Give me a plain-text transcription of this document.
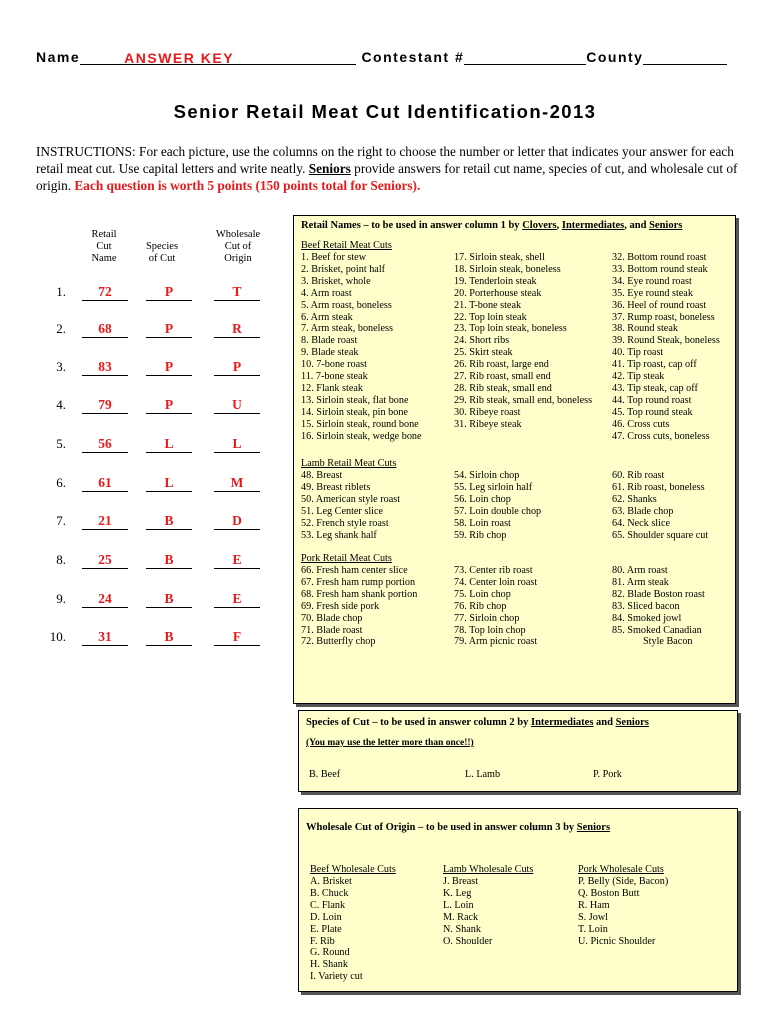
Name	ANSWER KEY	Contestant #	County
Senior Retail Meat Cut Identification-2013
INSTRUCTIONS: For each picture, use the columns on the right to choose the number or letter that indicates your answer for each retail meat cut. Use capital letters and write neatly. Seniors provide answers for retail cut name, species of cut, and wholesale cut of origin. Each question is worth 5 points (150 points total for Seniors).
Retail
Cut
Name
Species
of Cut
Wholesale
Cut of
Origin
1.	72	P	T
2.	68	P	R
3.	83	P	P
4.	79	P	U
5.	56	L	L
6.	61	L	M
7.	21	B	D
8.	25	B	E
9.	24	B	E
10.	31	B	F
Retail Names – to be used in answer column 1 by Clovers, Intermediates, and Seniors
Beef Retail Meat Cuts
1. Beef for stew
2. Brisket, point half
3. Brisket, whole
4. Arm roast
5. Arm roast, boneless
6. Arm steak
7. Arm steak, boneless
8. Blade roast
9. Blade steak
10. 7-bone roast
11. 7-bone steak
12. Flank steak
13. Sirloin steak, flat bone
14. Sirloin steak, pin bone
15. Sirloin steak, round bone
16. Sirloin steak, wedge bone
17. Sirloin steak, shell
18. Sirloin steak, boneless
19. Tenderloin steak
20. Porterhouse steak
21. T-bone steak
22. Top loin steak
23. Top loin steak, boneless
24. Short ribs
25. Skirt steak
26. Rib roast, large end
27. Rib roast, small end
28. Rib steak, small end
29. Rib steak, small end, boneless
30. Ribeye roast
31. Ribeye steak
32. Bottom round roast
33. Bottom round steak
34. Eye round roast
35. Eye round steak
36. Heel of round roast
37. Rump roast, boneless
38. Round steak
39. Round Steak, boneless
40. Tip roast
41. Tip roast, cap off
42. Tip steak
43. Tip steak, cap off
44. Top round roast
45. Top round steak
46. Cross cuts
47. Cross cuts, boneless
Lamb Retail Meat Cuts
48. Breast
49. Breast riblets
50. American style roast
51. Leg Center slice
52. French style roast
53. Leg shank half
54. Sirloin chop
55. Leg sirloin half
56. Loin chop
57. Loin double chop
58. Loin roast
59. Rib chop
60. Rib roast
61. Rib roast, boneless
62. Shanks
63. Blade chop
64. Neck slice
65. Shoulder square cut
Pork Retail Meat Cuts
66. Fresh ham center slice
67. Fresh ham rump portion
68. Fresh ham shank portion
69. Fresh side pork
70. Blade chop
71. Blade roast
72. Butterfly chop
73. Center rib roast
74. Center loin roast
75. Loin chop
76. Rib chop
77. Sirloin chop
78. Top loin chop
79. Arm picnic roast
80. Arm roast
81. Arm steak
82. Blade Boston roast
83. Sliced bacon
84. Smoked jowl
85. Smoked Canadian
Style Bacon
Species of Cut – to be used in answer column 2 by Intermediates and Seniors
(You may use the letter more than once!!)
B. Beef	L. Lamb	P. Pork
Wholesale Cut of Origin – to be used in answer column 3 by Seniors
Beef Wholesale Cuts
A. Brisket
B. Chuck
C. Flank
D. Loin
E. Plate
F. Rib
G. Round
H. Shank
I. Variety cut
Lamb Wholesale Cuts
J. Breast
K. Leg
L. Loin
M. Rack
N. Shank
O. Shoulder
Pork Wholesale Cuts
P. Belly (Side, Bacon)
Q. Boston Butt
R. Ham
S. Jowl
T. Loin
U. Picnic Shoulder
